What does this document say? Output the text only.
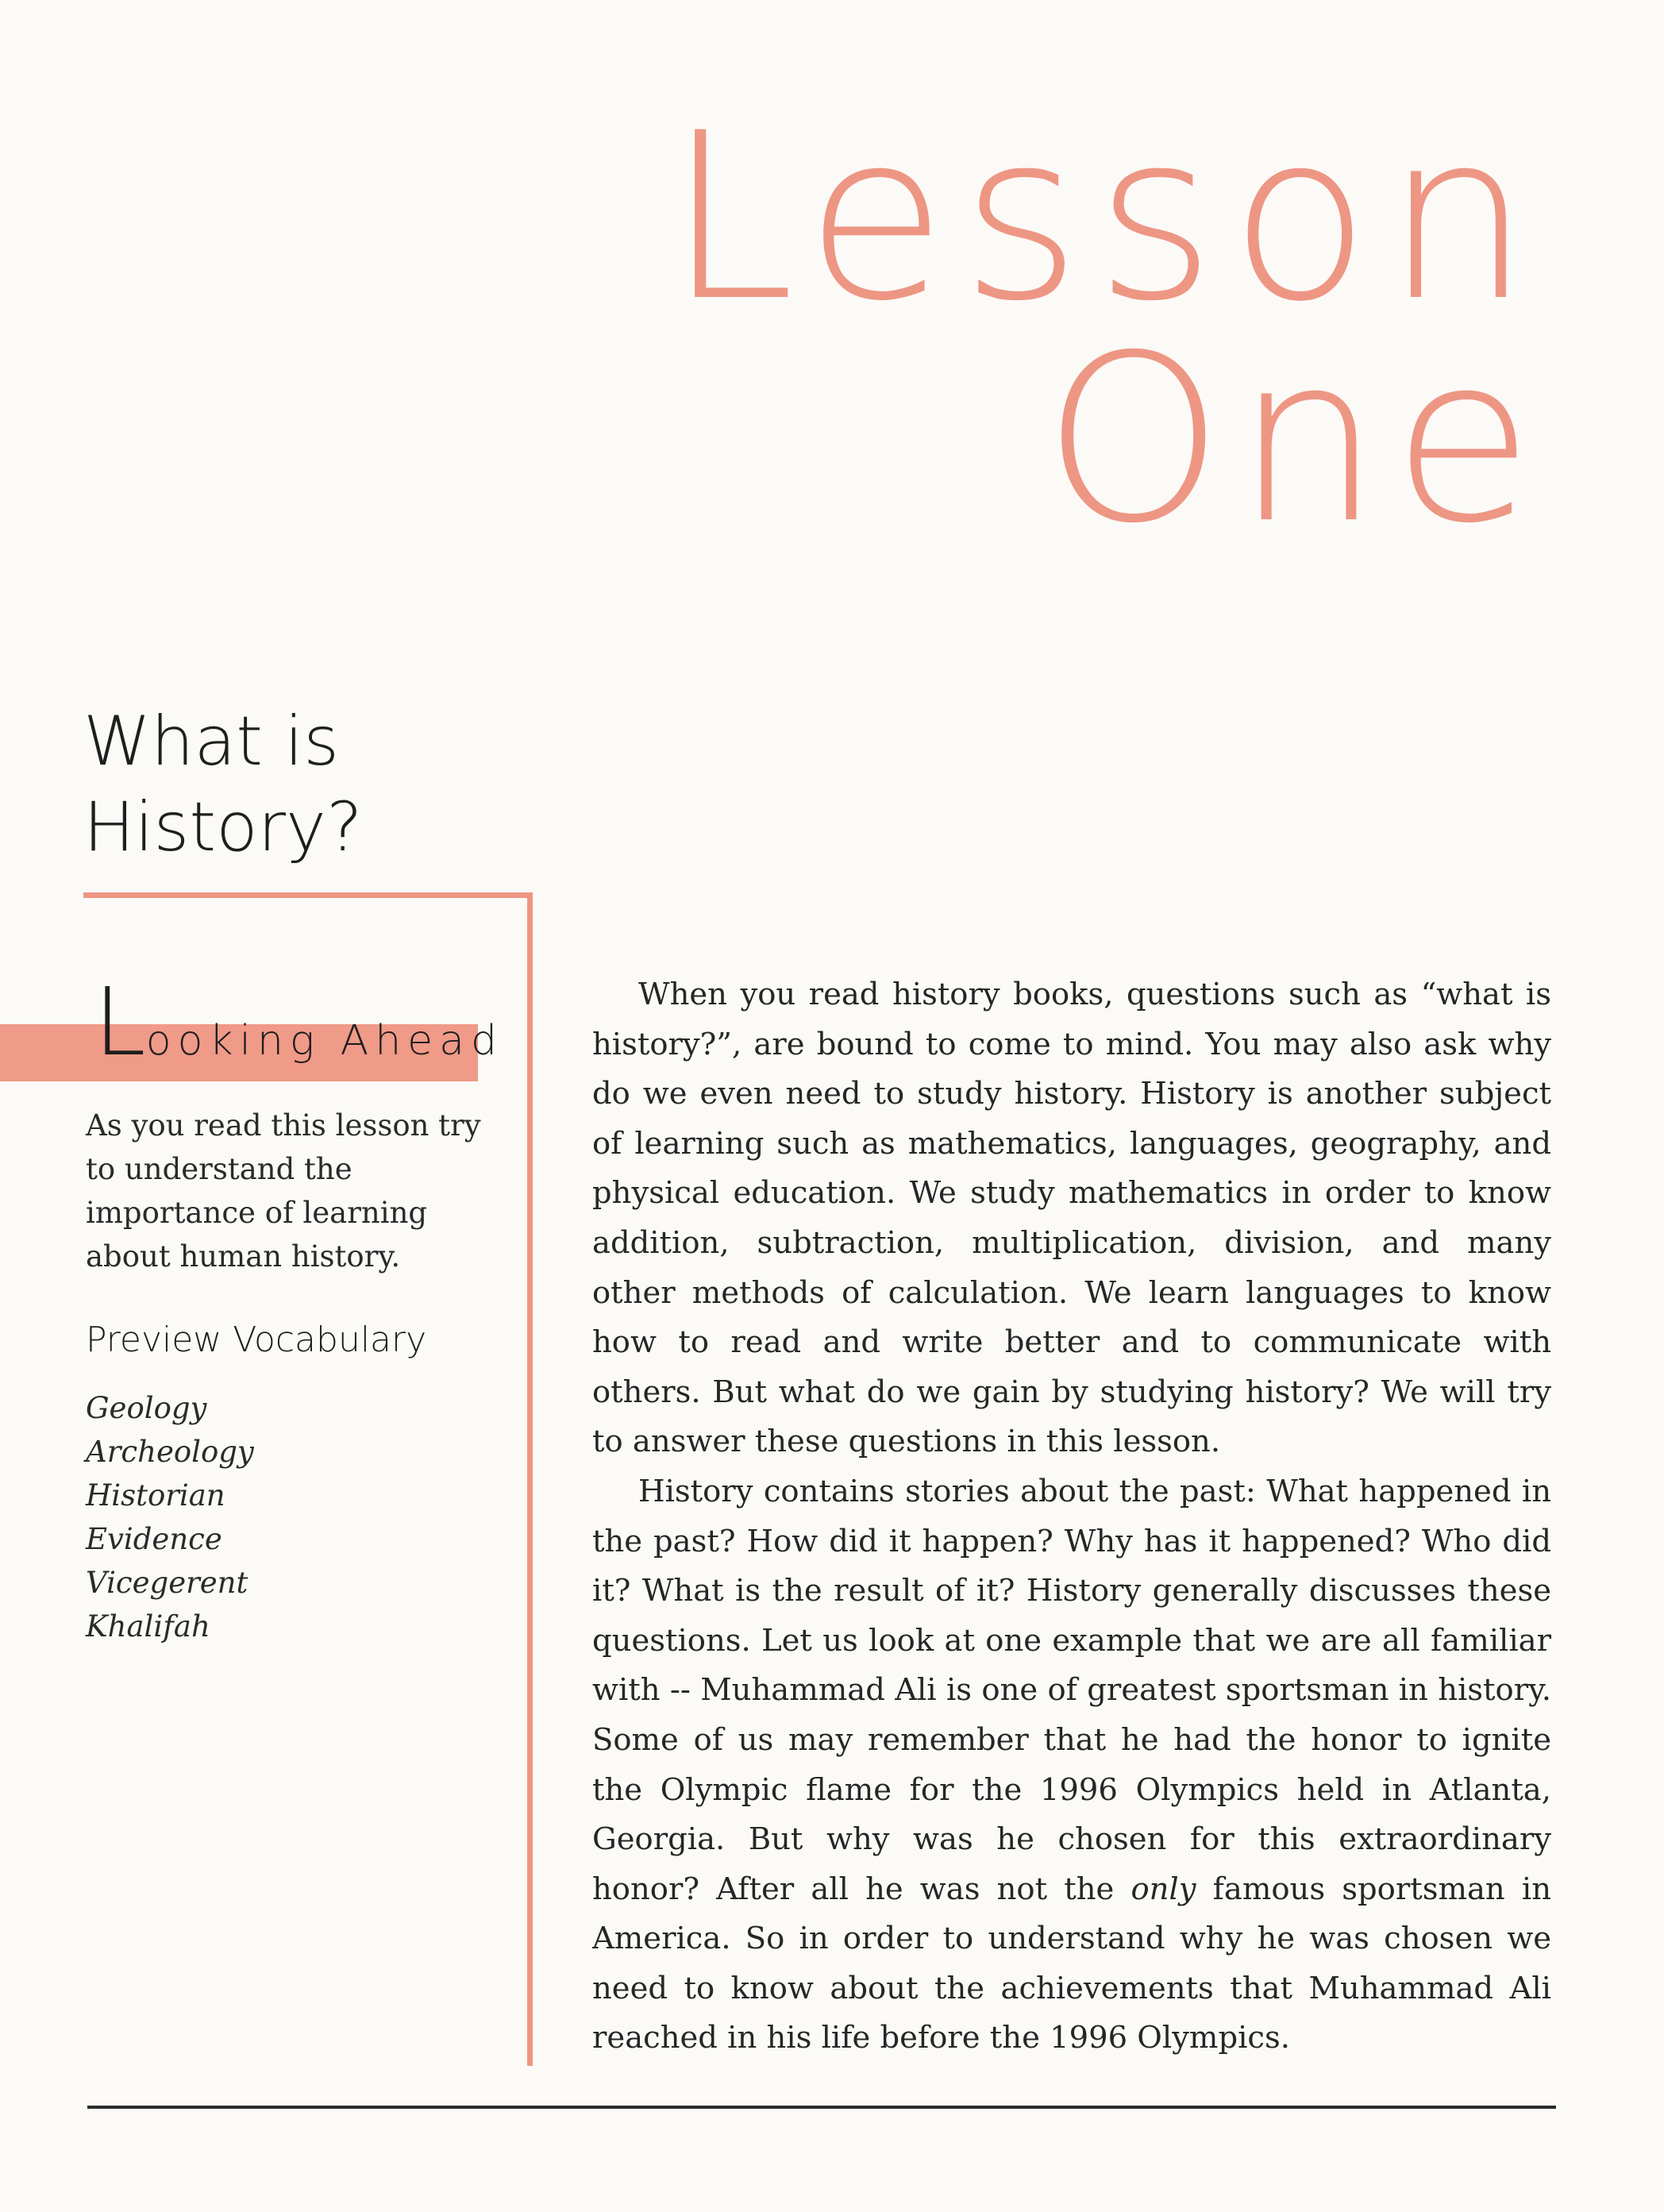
Lesson
One
What is
History?
Looking Ahead
As you read this lesson try to understand the importance of learning about human history.
Preview Vocabulary
Geology
Archeology
Historian
Evidence
Vicegerent
Khalifah

When you read history books, questions such as “what is history?”, are bound to come to mind. You may also ask why do we even need to study history. History is another subject of learning such as mathematics, languages, geography, and physical education. We study mathematics in order to know addition, subtraction, multiplication, division, and many other methods of calculation. We learn languages to know how to read and write better and to communicate with others. But what do we gain by studying history? We will try to answer these questions in this lesson.

History contains stories about the past: What happened in the past? How did it happen? Why has it happened? Who did it? What is the result of it? History generally discusses these questions. Let us look at one example that we are all familiar with -- Muhammad Ali is one of greatest sportsman in history. Some of us may remember that he had the honor to ignite the Olympic flame for the 1996 Olympics held in Atlanta, Georgia. But why was he chosen for this extraordinary honor? After all he was not the only famous sportsman in America. So in order to understand why he was chosen we need to know about the achievements that Muhammad Ali reached in his life before the 1996 Olympics.
